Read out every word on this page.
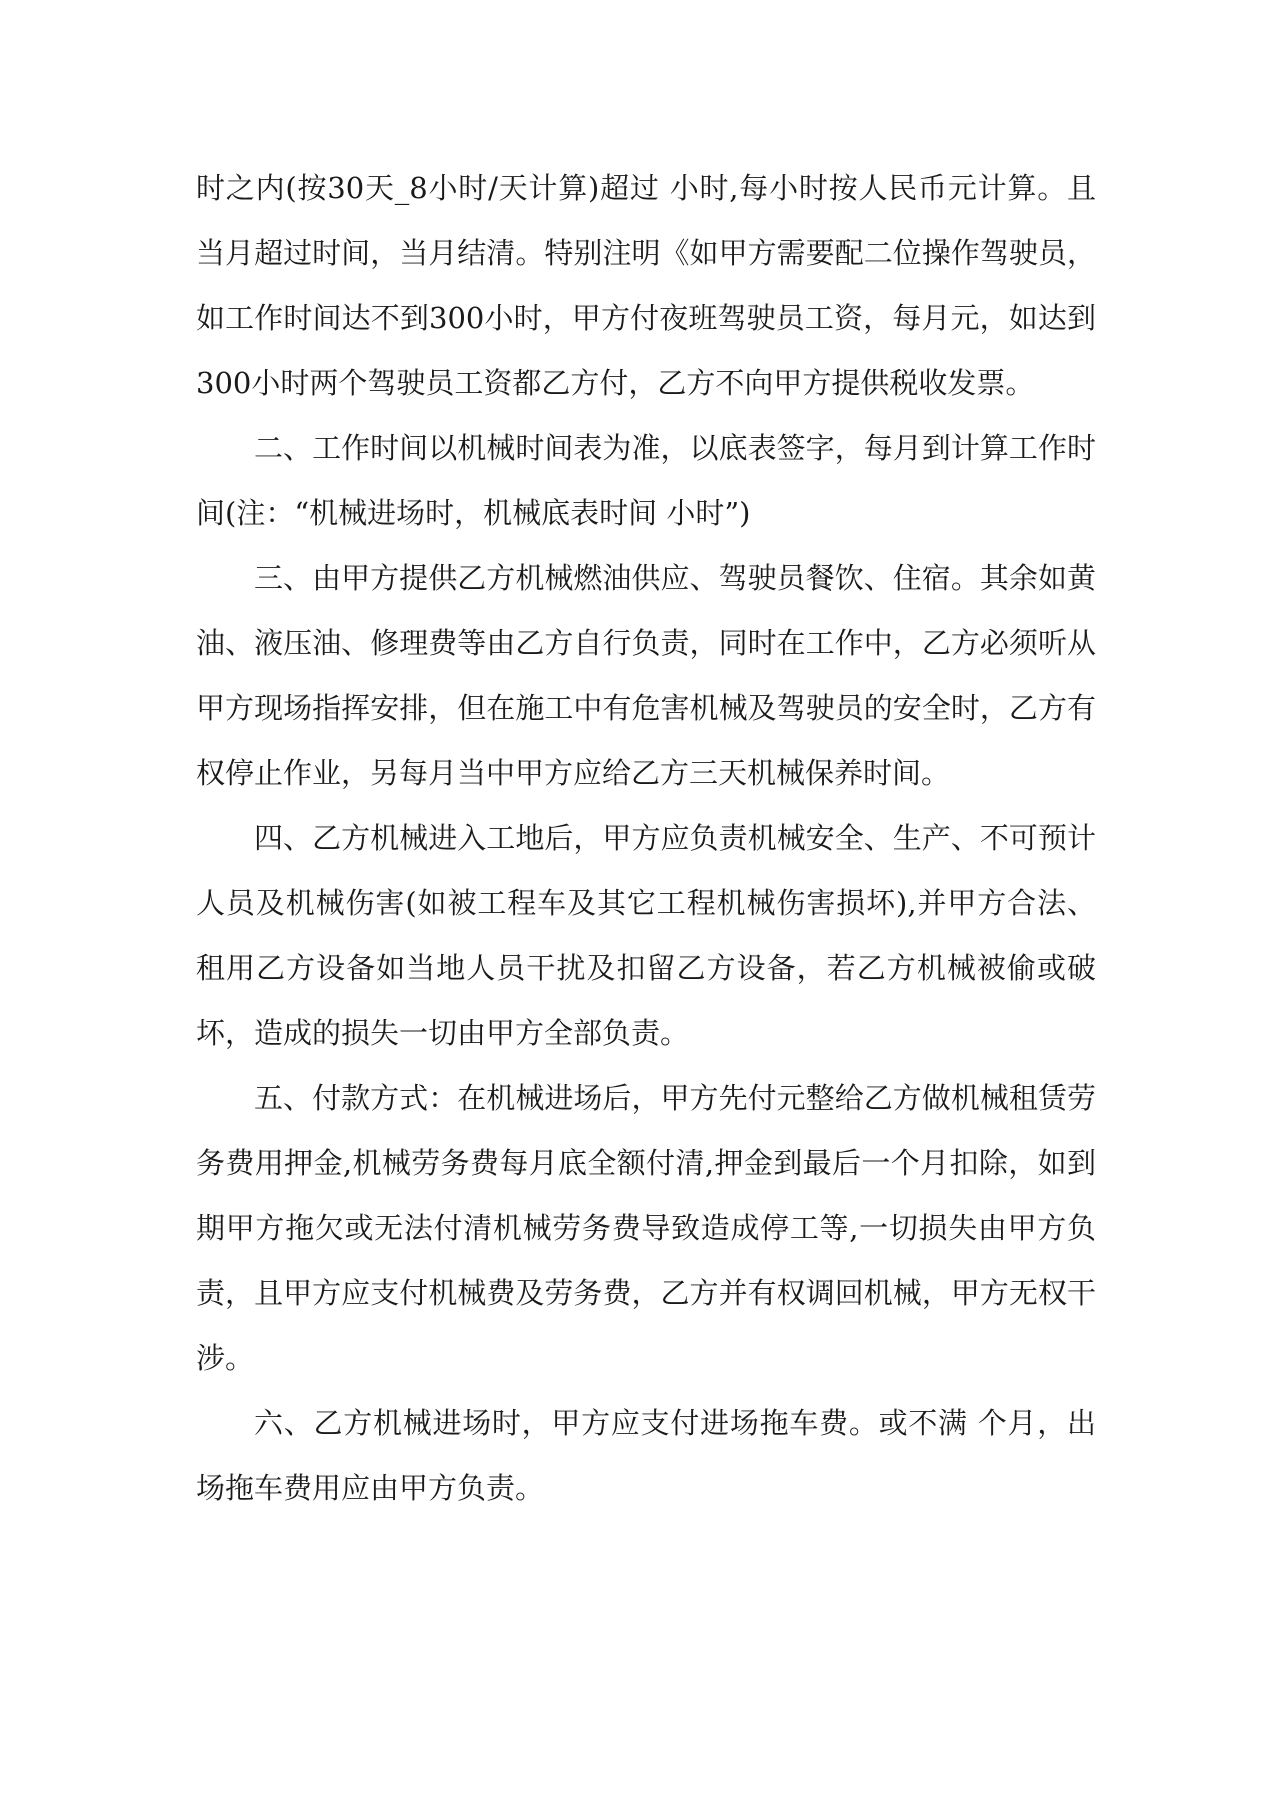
时之内(按30天_8小时/天计算)超过 小时,每小时按人民币元计算。且当月超过时间，当月结清。特别注明《如甲方需要配二位操作驾驶员，如工作时间达不到300小时，甲方付夜班驾驶员工资，每月元，如达到300小时两个驾驶员工资都乙方付，乙方不向甲方提供税收发票。

二、工作时间以机械时间表为准，以底表签字，每月到计算工作时间(注：“机械进场时，机械底表时间 小时”)

三、由甲方提供乙方机械燃油供应、驾驶员餐饮、住宿。其余如黄油、液压油、修理费等由乙方自行负责，同时在工作中，乙方必须听从甲方现场指挥安排，但在施工中有危害机械及驾驶员的安全时，乙方有权停止作业，另每月当中甲方应给乙方三天机械保养时间。

四、乙方机械进入工地后，甲方应负责机械安全、生产、不可预计人员及机械伤害(如被工程车及其它工程机械伤害损坏),并甲方合法、租用乙方设备如当地人员干扰及扣留乙方设备，若乙方机械被偷或破坏，造成的损失一切由甲方全部负责。

五、付款方式：在机械进场后，甲方先付元整给乙方做机械租赁劳务费用押金,机械劳务费每月底全额付清,押金到最后一个月扣除，如到期甲方拖欠或无法付清机械劳务费导致造成停工等,一切损失由甲方负责，且甲方应支付机械费及劳务费，乙方并有权调回机械，甲方无权干涉。

六、乙方机械进场时，甲方应支付进场拖车费。或不满 个月，出场拖车费用应由甲方负责。
